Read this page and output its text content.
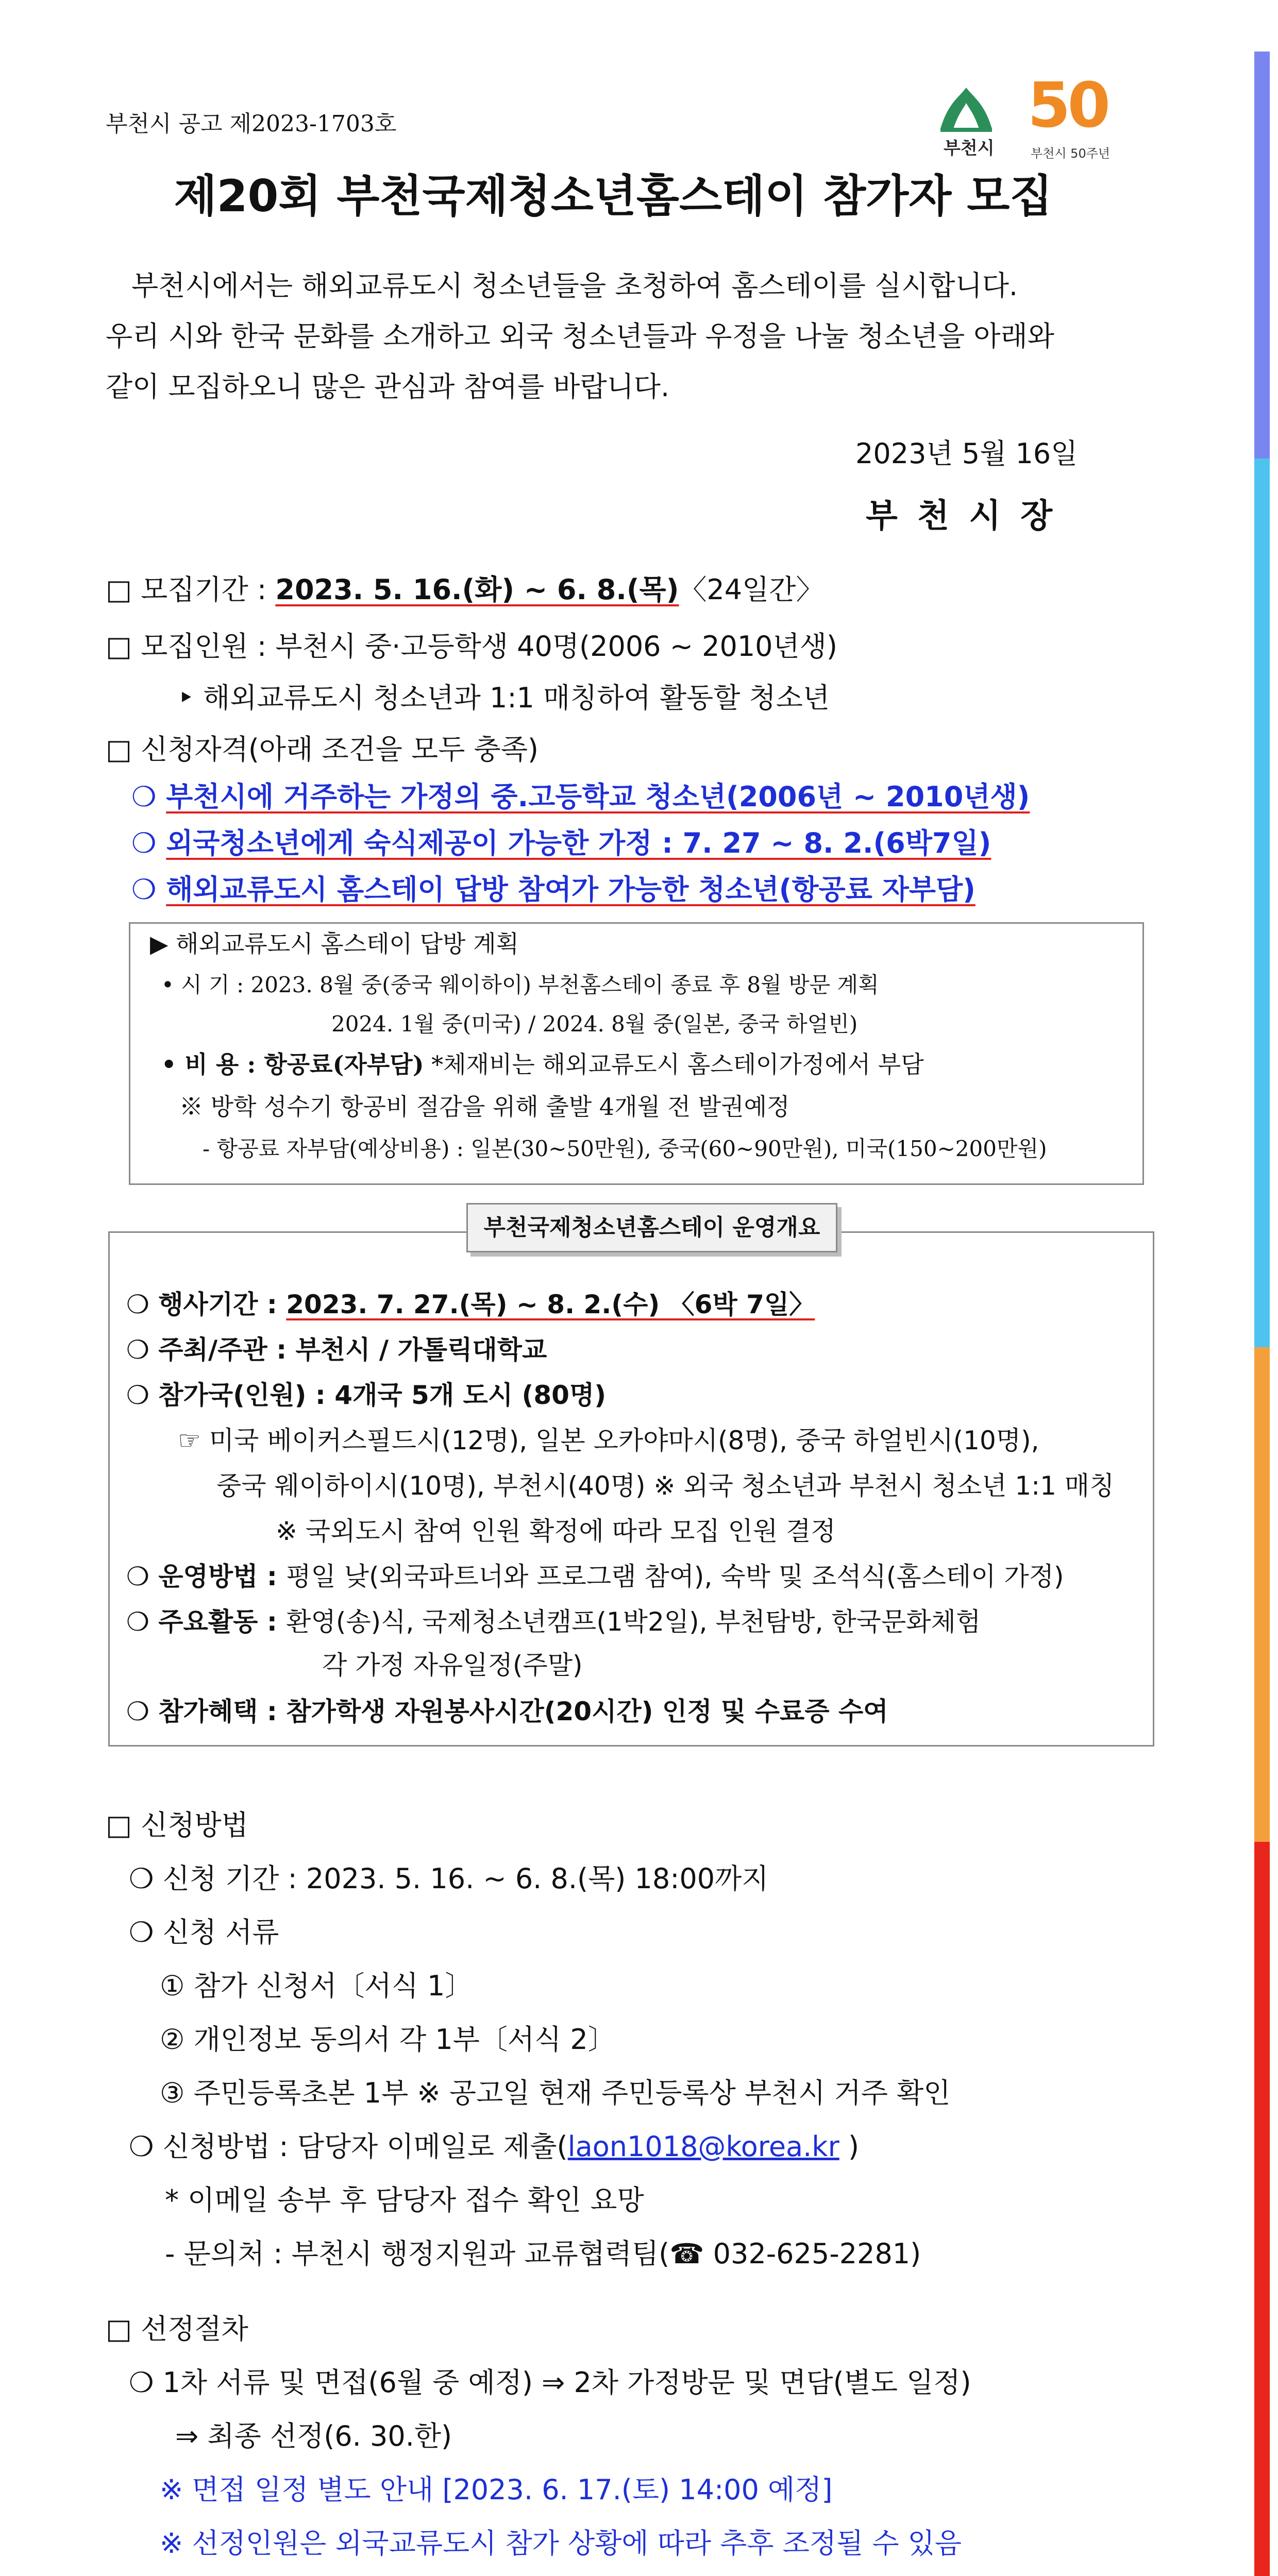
부천시 공고 제2023-1703호
부천시
50
부천시 50주년
제20회 부천국제청소년홈스테이 참가자 모집
부천시에서는 해외교류도시 청소년들을 초청하여 홈스테이를 실시합니다.
우리 시와 한국 문화를 소개하고 외국 청소년들과 우정을 나눌 청소년을 아래와
같이 모집하오니 많은 관심과 참여를 바랍니다.
2023년 5월 16일
부 천 시 장
□ 모집기간 : 2023. 5. 16.(화) ~ 6. 8.(목)〈24일간〉
□ 모집인원 : 부천시 중·고등학생 40명(2006 ~ 2010년생)
‣ 해외교류도시 청소년과 1:1 매칭하여 활동할 청소년
□ 신청자격(아래 조건을 모두 충족)
❍ 부천시에 거주하는 가정의 중.고등학교 청소년(2006년 ~ 2010년생)
❍ 외국청소년에게 숙식제공이 가능한 가정 : 7. 27 ~ 8. 2.(6박7일)
❍ 해외교류도시 홈스테이 답방 참여가 가능한 청소년(항공료 자부담)
▶ 해외교류도시 홈스테이 답방 계획
• 시 기 : 2023. 8월 중(중국 웨이하이) 부천홈스테이 종료 후 8월 방문 계획
2024. 1월 중(미국) / 2024. 8월 중(일본, 중국 하얼빈)
• 비 용 : 항공료(자부담) *체재비는 해외교류도시 홈스테이가정에서 부담
※ 방학 성수기 항공비 절감을 위해 출발 4개월 전 발권예정
- 항공료 자부담(예상비용) : 일본(30~50만원), 중국(60~90만원), 미국(150~200만원)
부천국제청소년홈스테이 운영개요
❍ 행사기간 : 2023. 7. 27.(목) ~ 8. 2.(수) 〈6박 7일〉
❍ 주최/주관 : 부천시 / 가톨릭대학교
❍ 참가국(인원) : 4개국 5개 도시 (80명)
☞ 미국 베이커스필드시(12명), 일본 오카야마시(8명), 중국 하얼빈시(10명),
중국 웨이하이시(10명), 부천시(40명) ※ 외국 청소년과 부천시 청소년 1:1 매칭
※ 국외도시 참여 인원 확정에 따라 모집 인원 결정
❍ 운영방법 : 평일 낮(외국파트너와 프로그램 참여), 숙박 및 조석식(홈스테이 가정)
❍ 주요활동 : 환영(송)식, 국제청소년캠프(1박2일), 부천탐방, 한국문화체험
각 가정 자유일정(주말)
❍ 참가혜택 : 참가학생 자원봉사시간(20시간) 인정 및 수료증 수여
□ 신청방법
❍ 신청 기간 : 2023. 5. 16. ~ 6. 8.(목) 18:00까지
❍ 신청 서류
① 참가 신청서〔서식 1〕
② 개인정보 동의서 각 1부〔서식 2〕
③ 주민등록초본 1부 ※ 공고일 현재 주민등록상 부천시 거주 확인
❍ 신청방법 : 담당자 이메일로 제출(laon1018@korea.kr )
* 이메일 송부 후 담당자 접수 확인 요망
- 문의처 : 부천시 행정지원과 교류협력팀(☎ 032-625-2281)
□ 선정절차
❍ 1차 서류 및 면접(6월 중 예정) ⇒ 2차 가정방문 및 면담(별도 일정)
⇒ 최종 선정(6. 30.한)
※ 면접 일정 별도 안내 [2023. 6. 17.(토) 14:00 예정]
※ 선정인원은 외국교류도시 참가 상황에 따라 추후 조정될 수 있음
